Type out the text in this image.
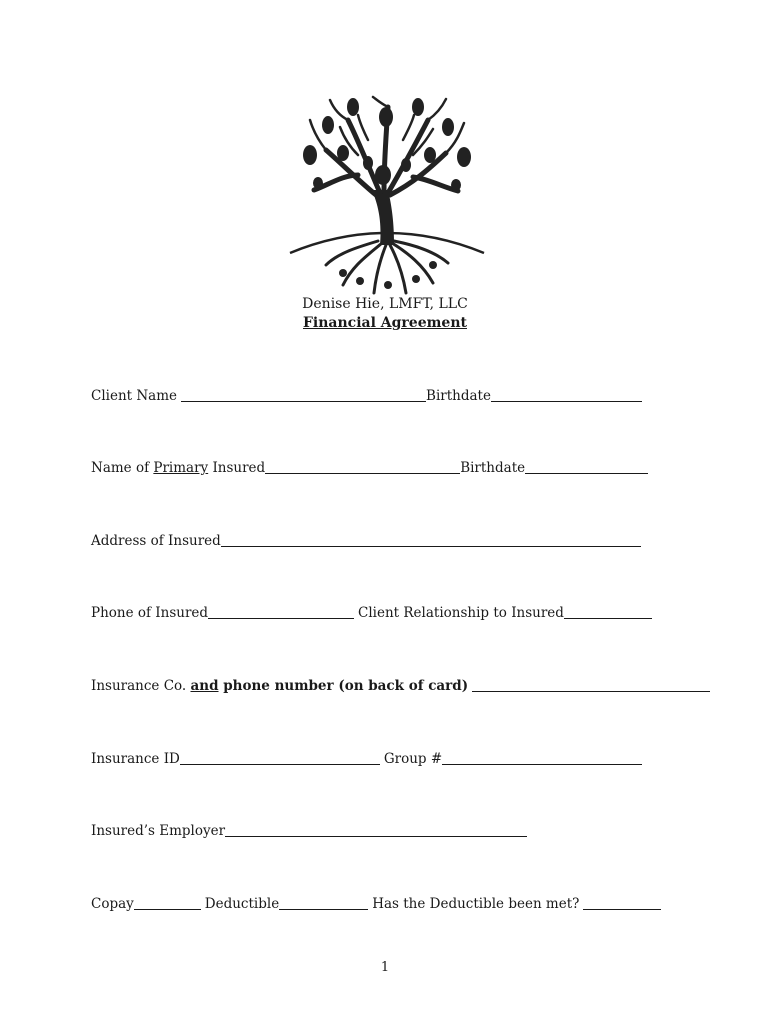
Denise Hie, LMFT, LLC
Financial Agreement
Client Name	Birthdate
Name of Primary Insured	Birthdate
Address of Insured
Phone of Insured	Client Relationship to Insured
Insurance Co. and phone number (on back of card)
Insurance ID	Group #
Insured’s Employer
Copay	Deductible	Has the Deductible been met?
1
